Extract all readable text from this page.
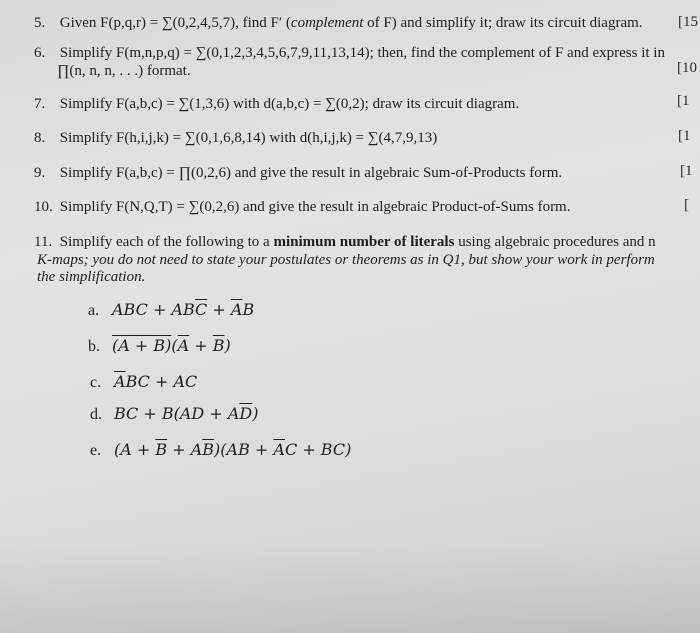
5. Given F(p,q,r) = ∑(0,2,4,5,7), find F′ (complement of F) and simplify it; draw its circuit diagram. [15
6. Simplify F(m,n,p,q) = ∑(0,1,2,3,4,5,6,7,9,11,13,14); then, find the complement of F and express it in
∏(n, n, n, . . .) format.	[10
7. Simplify F(a,b,c) = ∑(1,3,6) with d(a,b,c) = ∑(0,2); draw its circuit diagram.	[1
8. Simplify F(h,i,j,k) = ∑(0,1,6,8,14) with d(h,i,j,k) = ∑(4,7,9,13)	[1
9. Simplify F(a,b,c) = ∏(0,2,6) and give the result in algebraic Sum-of-Products form.	[1
10. Simplify F(N,Q,T) = ∑(0,2,6) and give the result in algebraic Product-of-Sums form.	[
11. Simplify each of the following to a minimum number of literals using algebraic procedures and n
K-maps; you do not need to state your postulates or theorems as in Q1, but show your work in perform
the simplification.
a. ABC + $AB\overline{C} + \overline{A}B$
b. $(A + B)(\overline{A} + \overline{B})$
c. $\overline{A}BC$ + AC
d. BC + $B(AD + A\overline{D})$
e. $(A + \overline{B} + A\overline{B})(AB + \overline{A}C + BC)$
